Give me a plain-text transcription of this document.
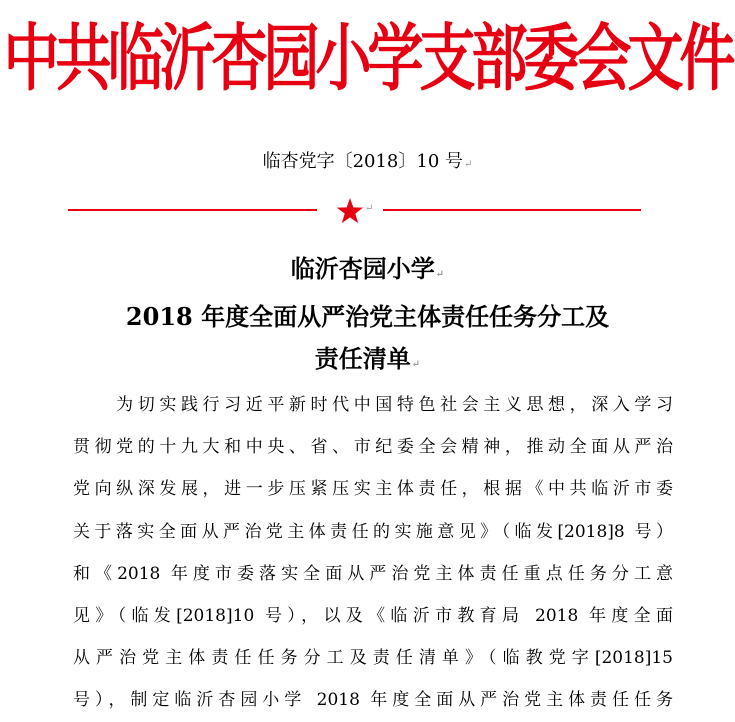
中共临沂杏园小学支部委会文件
临杏党字〔2018〕10 号↵
↵
临沂杏园小学↵
2018 年度全面从严治党主体责任任务分工及
责任清单↵
　　为切实践行习近平新时代中国特色社会主义思想，深入学习
贯彻党的十九大和中央、省、市纪委全会精神，推动全面从严治
党向纵深发展，进一步压紧压实主体责任，根据《中共临沂市委
关于落实全面从严治党主体责任的实施意见》（临发[2018]8 号）
和《2018 年度市委落实全面从严治党主体责任重点任务分工意
见》（临发[2018]10 号），以及《临沂市教育局 2018 年度全面
从严治党主体责任任务分工及责任清单》（临教党字[2018]15
号），制定临沂杏园小学 2018 年度全面从严治党主体责任任务
